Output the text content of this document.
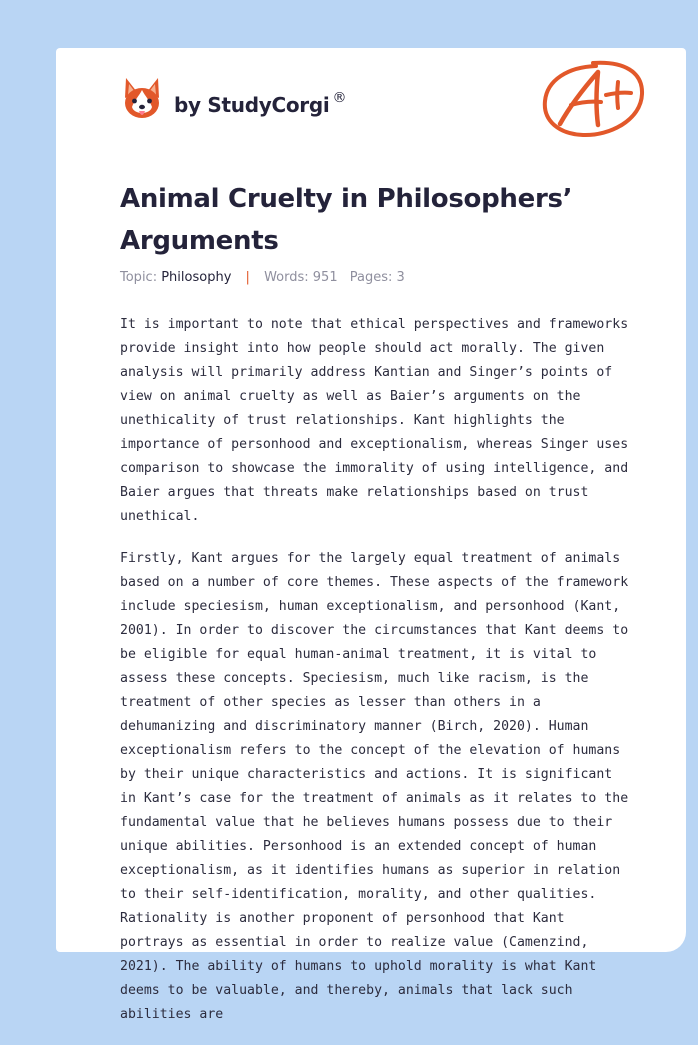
by StudyCorgi ®
Animal Cruelty in Philosophers’ Arguments
Topic: Philosophy | Words: 951 Pages: 3

It is important to note that ethical perspectives and frameworks provide insight into how people should act morally. The given analysis will primarily address Kantian and Singer’s points of view on animal cruelty as well as Baier’s arguments on the unethicality of trust relationships. Kant highlights the importance of personhood and exceptionalism, whereas Singer uses comparison to showcase the immorality of using intelligence, and Baier argues that threats make relationships based on trust unethical.

Firstly, Kant argues for the largely equal treatment of animals based on a number of core themes. These aspects of the framework include speciesism, human exceptionalism, and personhood (Kant, 2001). In order to discover the circumstances that Kant deems to be eligible for equal human-animal treatment, it is vital to assess these concepts. Speciesism, much like racism, is the treatment of other species as lesser than others in a dehumanizing and discriminatory manner (Birch, 2020). Human exceptionalism refers to the concept of the elevation of humans by their unique characteristics and actions. It is significant in Kant’s case for the treatment of animals as it relates to the fundamental value that he believes humans possess due to their unique abilities. Personhood is an extended concept of human exceptionalism, as it identifies humans as superior in relation to their self-identification, morality, and other qualities. Rationality is another proponent of personhood that Kant portrays as essential in order to realize value (Camenzind, 2021). The ability of humans to uphold morality is what Kant deems to be valuable, and thereby, animals that lack such abilities are
